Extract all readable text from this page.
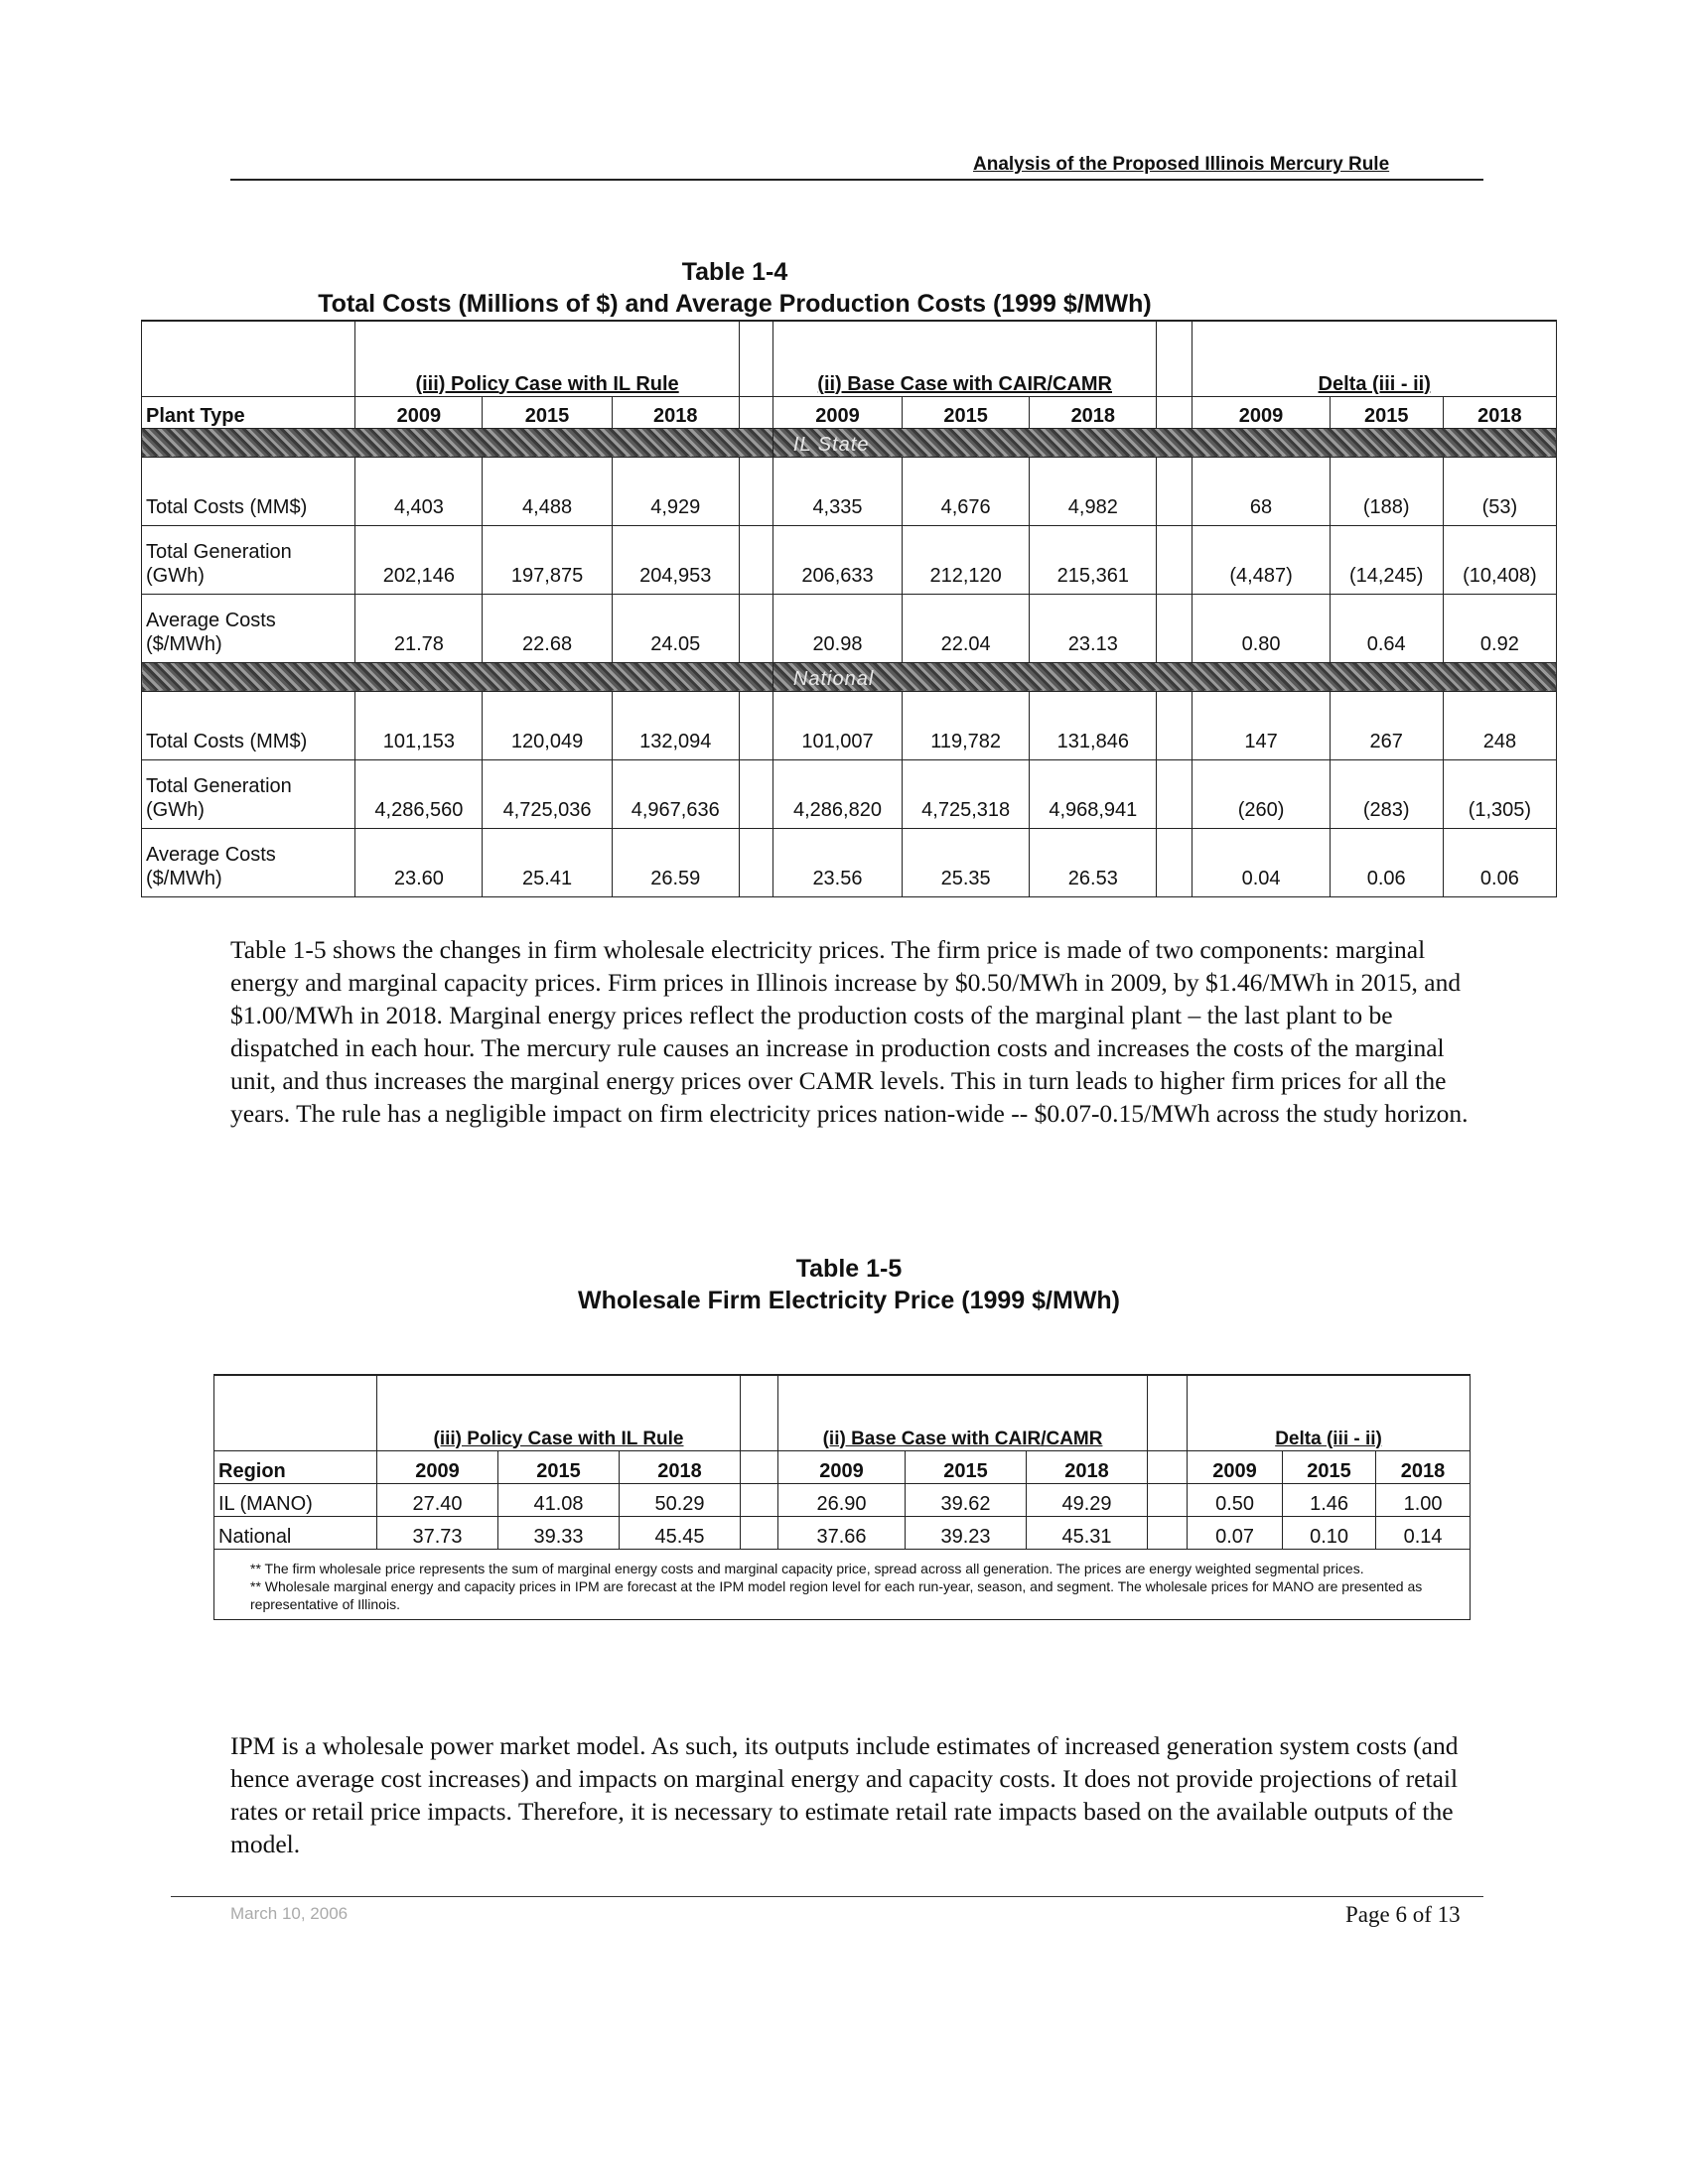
Analysis of the Proposed Illinois Mercury Rule
Table 1-4
Total Costs (Millions of $) and Average Production Costs (1999 $/MWh)
	(iii) Policy Case with IL Rule				(ii) Base Case with CAIR/CAMR				Delta (iii - ii)		
Plant Type	2009	2015	2018		2009	2015	2018		2009	2015	2018
					IL State						
Total Costs (MM$)	4,403	4,488	4,929		4,335	4,676	4,982		68	(188)	(53)
Total Generation (GWh)	202,146	197,875	204,953		206,633	212,120	215,361		(4,487)	(14,245)	(10,408)
Average Costs ($/MWh)	21.78	22.68	24.05		20.98	22.04	23.13		0.80	0.64	0.92
					National						
Total Costs (MM$)	101,153	120,049	132,094		101,007	119,782	131,846		147	267	248
Total Generation (GWh)	4,286,560	4,725,036	4,967,636		4,286,820	4,725,318	4,968,941		(260)	(283)	(1,305)
Average Costs ($/MWh)	23.60	25.41	26.59		23.56	25.35	26.53		0.04	0.06	0.06
Table 1-5 shows the changes in firm wholesale electricity prices. The firm price is made of two components: marginal energy and marginal capacity prices. Firm prices in Illinois increase by $0.50/MWh in 2009, by $1.46/MWh in 2015, and $1.00/MWh in 2018. Marginal energy prices reflect the production costs of the marginal plant – the last plant to be dispatched in each hour. The mercury rule causes an increase in production costs and increases the costs of the marginal unit, and thus increases the marginal energy prices over CAMR levels. This in turn leads to higher firm prices for all the years. The rule has a negligible impact on firm electricity prices nation-wide -- $0.07-0.15/MWh across the study horizon.
Table 1-5
Wholesale Firm Electricity Price (1999 $/MWh)
	(iii) Policy Case with IL Rule				(ii) Base Case with CAIR/CAMR				Delta (iii - ii)		
Region	2009	2015	2018		2009	2015	2018		2009	2015	2018
IL (MANO)	27.40	41.08	50.29		26.90	39.62	49.29		0.50	1.46	1.00
National	37.73	39.33	45.45		37.66	39.23	45.31		0.07	0.10	0.14

** The firm wholesale price represents the sum of marginal energy costs and marginal capacity price, spread across all generation. The prices are energy weighted segmental prices.
** Wholesale marginal energy and capacity prices in IPM are forecast at the IPM model region level for each run-year, season, and segment. The wholesale prices for MANO are presented as representative of Illinois.											
IPM is a wholesale power market model. As such, its outputs include estimates of increased generation system costs (and hence average cost increases) and impacts on marginal energy and capacity costs. It does not provide projections of retail rates or retail price impacts. Therefore, it is necessary to estimate retail rate impacts based on the available outputs of the model.
March 10, 2006	Page 6 of 13
